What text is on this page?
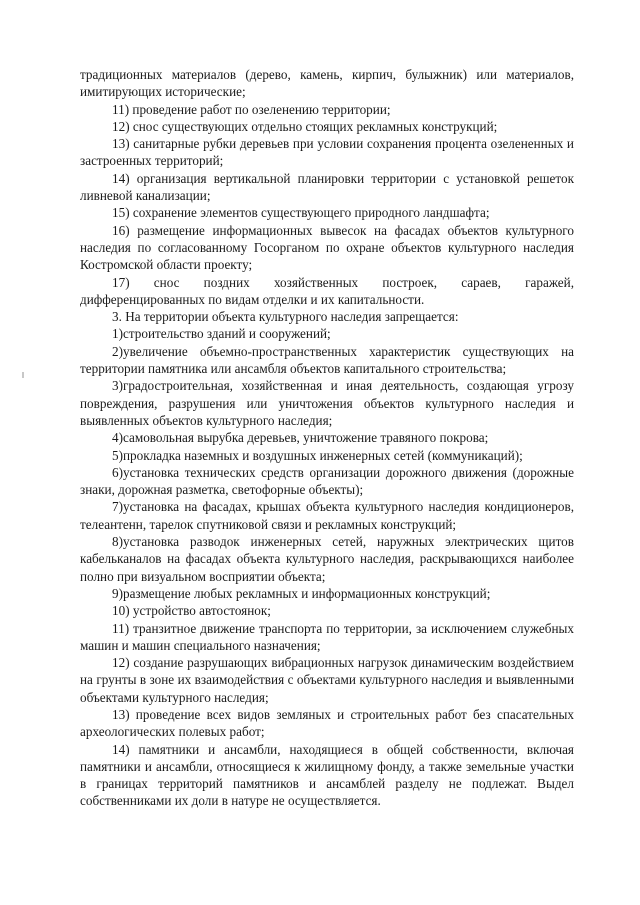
традиционных материалов (дерево, камень, кирпич, булыжник) или материалов, имитирующих исторические;

11) проведение работ по озеленению территории;

12) снос существующих отдельно стоящих рекламных конструкций;

13) санитарные рубки деревьев при условии сохранения процента озелененных и застроенных территорий;

14) организация вертикальной планировки территории с установкой решеток ливневой канализации;

15) сохранение элементов существующего природного ландшафта;

16) размещение информационных вывесок на фасадах объектов культурного наследия по согласованному Госорганом по охране объектов культурного наследия Костромской области проекту;

17) снос поздних хозяйственных построек, сараев, гаражей, дифференцированных по видам отделки и их капитальности.

3. На территории объекта культурного наследия запрещается:

1)строительство зданий и сооружений;

2)увеличение объемно-пространственных характеристик существующих на территории памятника или ансамбля объектов капитального строительства;

3)градостроительная, хозяйственная и иная деятельность, создающая угрозу повреждения, разрушения или уничтожения объектов культурного наследия и выявленных объектов культурного наследия;

4)самовольная вырубка деревьев, уничтожение травяного покрова;

5)прокладка наземных и воздушных инженерных сетей (коммуникаций);

6)установка технических средств организации дорожного движения (дорожные знаки, дорожная разметка, светофорные объекты);

7)установка на фасадах, крышах объекта культурного наследия кондиционеров, телеантенн, тарелок спутниковой связи и рекламных конструкций;

8)установка разводок инженерных сетей, наружных электрических щитов кабельканалов на фасадах объекта культурного наследия, раскрывающихся наиболее полно при визуальном восприятии объекта;

9)размещение любых рекламных и информационных конструкций;

10) устройство автостоянок;

11) транзитное движение транспорта по территории, за исключением служебных машин и машин специального назначения;

12) создание разрушающих вибрационных нагрузок динамическим воздействием на грунты в зоне их взаимодействия с объектами культурного наследия и выявленными объектами культурного наследия;

13) проведение всех видов земляных и строительных работ без спасательных археологических полевых работ;

14) памятники и ансамбли, находящиеся в общей собственности, включая памятники и ансамбли, относящиеся к жилищному фонду, а также земельные участки в границах территорий памятников и ансамблей разделу не подлежат. Выдел собственниками их доли в натуре не осуществляется.
